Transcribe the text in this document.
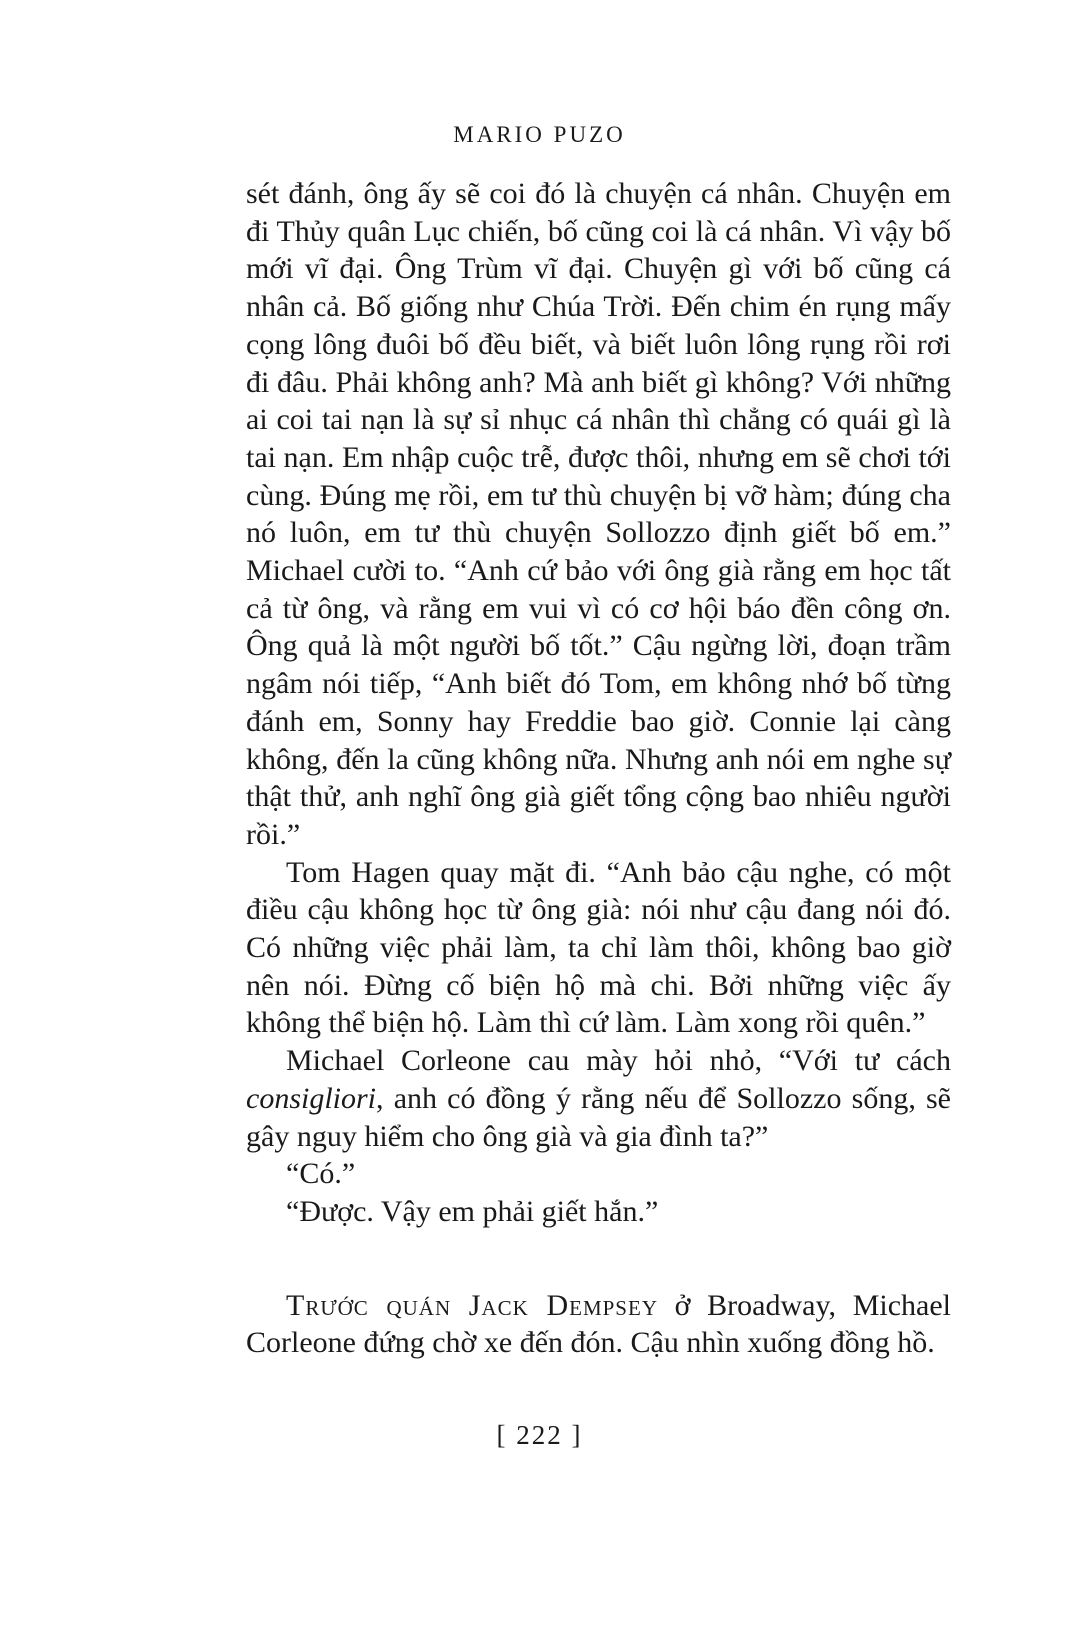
MARIO PUZO

sét đánh, ông ấy sẽ coi đó là chuyện cá nhân. Chuyện em đi Thủy quân Lục chiến, bố cũng coi là cá nhân. Vì vậy bố mới vĩ đại. Ông Trùm vĩ đại. Chuyện gì với bố cũng cá nhân cả. Bố giống như Chúa Trời. Đến chim én rụng mấy cọng lông đuôi bố đều biết, và biết luôn lông rụng rồi rơi đi đâu. Phải không anh? Mà anh biết gì không? Với những ai coi tai nạn là sự sỉ nhục cá nhân thì chẳng có quái gì là tai nạn. Em nhập cuộc trễ, được thôi, nhưng em sẽ chơi tới cùng. Đúng mẹ rồi, em tư thù chuyện bị vỡ hàm; đúng cha nó luôn, em tư thù chuyện Sollozzo định giết bố em.” Michael cười to. “Anh cứ bảo với ông già rằng em học tất cả từ ông, và rằng em vui vì có cơ hội báo đền công ơn. Ông quả là một người bố tốt.” Cậu ngừng lời, đoạn trầm ngâm nói tiếp, “Anh biết đó Tom, em không nhớ bố từng đánh em, Sonny hay Freddie bao giờ. Connie lại càng không, đến la cũng không nữa. Nhưng anh nói em nghe sự thật thử, anh nghĩ ông già giết tổng cộng bao nhiêu người rồi.”

Tom Hagen quay mặt đi. “Anh bảo cậu nghe, có một điều cậu không học từ ông già: nói như cậu đang nói đó. Có những việc phải làm, ta chỉ làm thôi, không bao giờ nên nói. Đừng cố biện hộ mà chi. Bởi những việc ấy không thể biện hộ. Làm thì cứ làm. Làm xong rồi quên.”

Michael Corleone cau mày hỏi nhỏ, “Với tư cách consigliori, anh có đồng ý rằng nếu để Sollozzo sống, sẽ gây nguy hiểm cho ông già và gia đình ta?”

“Có.”

“Được. Vậy em phải giết hắn.”

Trước quán Jack Dempsey ở Broadway, Michael Corleone đứng chờ xe đến đón. Cậu nhìn xuống đồng hồ.

[ 222 ]
